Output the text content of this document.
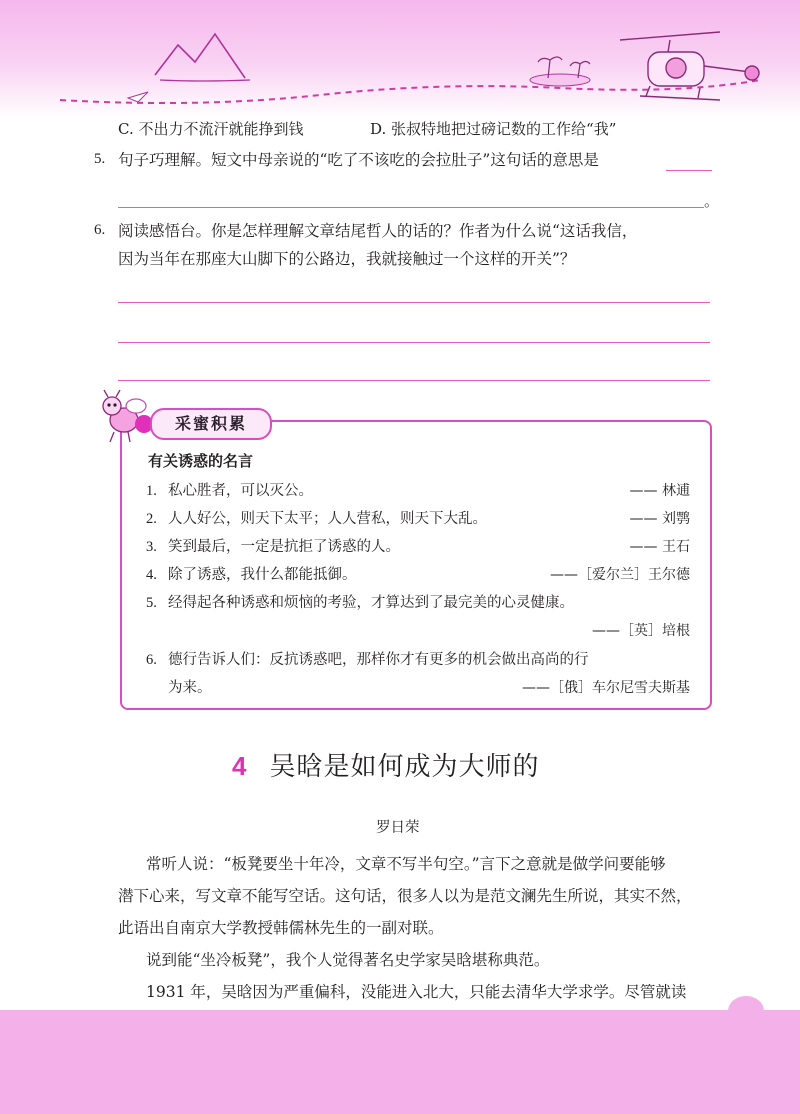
C. 不出力不流汗就能挣到钱	D. 张叔特地把过磅记数的工作给“我”
5. 句子巧理解。短文中母亲说的“吃了不该吃的会拉肚子”这句话的意思是
。
6. 阅读感悟台。你是怎样理解文章结尾哲人的话的？作者为什么说“这话我信，
因为当年在那座大山脚下的公路边，我就接触过一个这样的开关”？
采蜜积累
有关诱惑的名言
1. 私心胜者，可以灭公。	—— 林逋
2. 人人好公，则天下太平；人人营私，则天下大乱。	—— 刘鹗
3. 笑到最后，一定是抗拒了诱惑的人。	—— 王石
4. 除了诱惑，我什么都能抵御。	——［爱尔兰］王尔德
5. 经得起各种诱惑和烦恼的考验，才算达到了最完美的心灵健康。
——［英］培根
6. 德行告诉人们：反抗诱惑吧，那样你才有更多的机会做出高尚的行
为来。	——［俄］车尔尼雪夫斯基
4 吴晗是如何成为大师的
罗日荣
常听人说：“板凳要坐十年冷，文章不写半句空。”言下之意就是做学问要能够
潜下心来，写文章不能写空话。这句话，很多人以为是范文澜先生所说，其实不然，
此语出自南京大学教授韩儒林先生的一副对联。
说到能“坐冷板凳”，我个人觉得著名史学家吴晗堪称典范。
1931 年，吴晗因为严重偏科，没能进入北大，只能去清华大学求学。尽管就读
